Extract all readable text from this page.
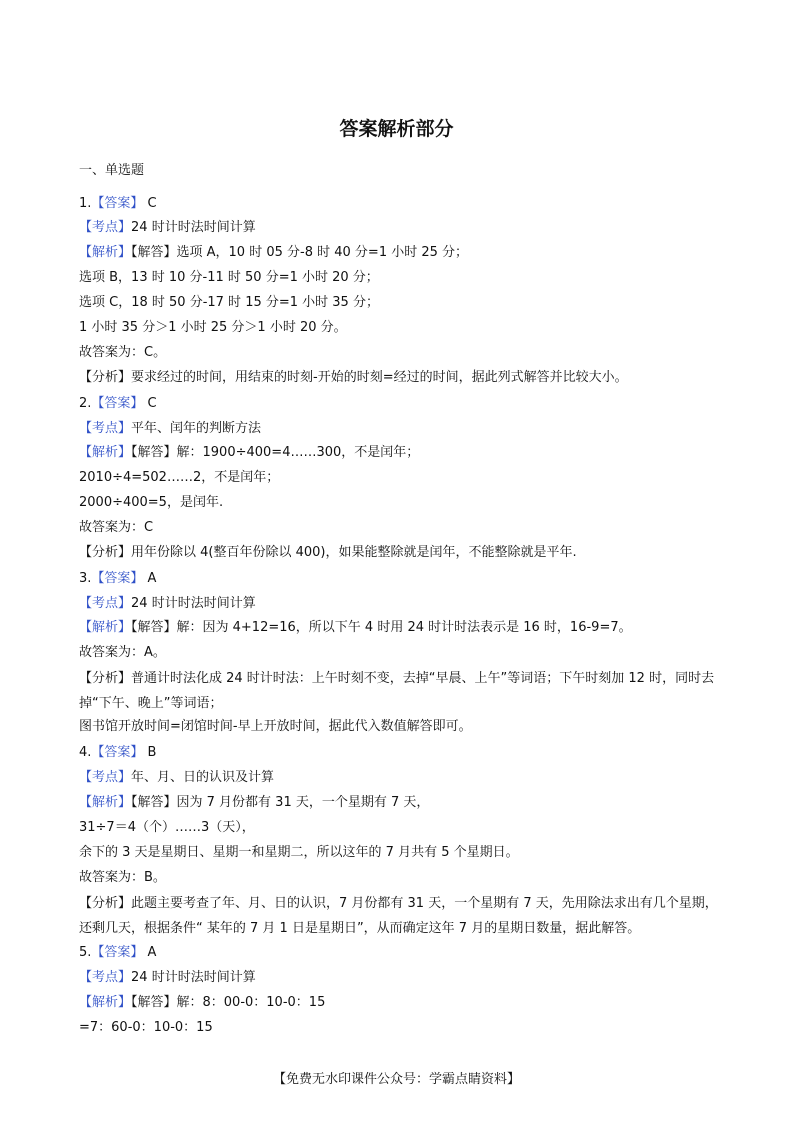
答案解析部分
一、单选题
1.【答案】 C
【考点】24 时计时法时间计算
【解析】【解答】选项 A，10 时 05 分-8 时 40 分=1 小时 25 分；
选项 B，13 时 10 分-11 时 50 分=1 小时 20 分；
选项 C，18 时 50 分-17 时 15 分=1 小时 35 分；
1 小时 35 分＞1 小时 25 分＞1 小时 20 分。
故答案为：C。
【分析】要求经过的时间，用结束的时刻-开始的时刻=经过的时间，据此列式解答并比较大小。
2.【答案】 C
【考点】平年、闰年的判断方法
【解析】【解答】解：1900÷400=4……300，不是闰年；
2010÷4=502……2，不是闰年；
2000÷400=5，是闰年.
故答案为：C
【分析】用年份除以 4(整百年份除以 400)，如果能整除就是闰年，不能整除就是平年.
3.【答案】 A
【考点】24 时计时法时间计算
【解析】【解答】解：因为 4+12=16，所以下午 4 时用 24 时计时法表示是 16 时，16-9=7。
故答案为：A。
【分析】普通计时法化成 24 时计时法：上午时刻不变，去掉“早晨、上午”等词语；下午时刻加 12 时，同时去掉“下午、晚上”等词语；
图书馆开放时间=闭馆时间-早上开放时间，据此代入数值解答即可。
4.【答案】 B
【考点】年、月、日的认识及计算
【解析】【解答】因为 7 月份都有 31 天，一个星期有 7 天，
31÷7＝4（个）……3（天），
余下的 3 天是星期日、星期一和星期二，所以这年的 7 月共有 5 个星期日。
故答案为：B。
【分析】此题主要考查了年、月、日的认识，7 月份都有 31 天，一个星期有 7 天，先用除法求出有几个星期，还剩几天，根据条件“ 某年的 7 月 1 日是星期日”，从而确定这年 7 月的星期日数量，据此解答。
5.【答案】 A
【考点】24 时计时法时间计算
【解析】【解答】解：8：00-0：10-0：15
=7：60-0：10-0：15
【免费无水印课件公众号：学霸点睛资料】
